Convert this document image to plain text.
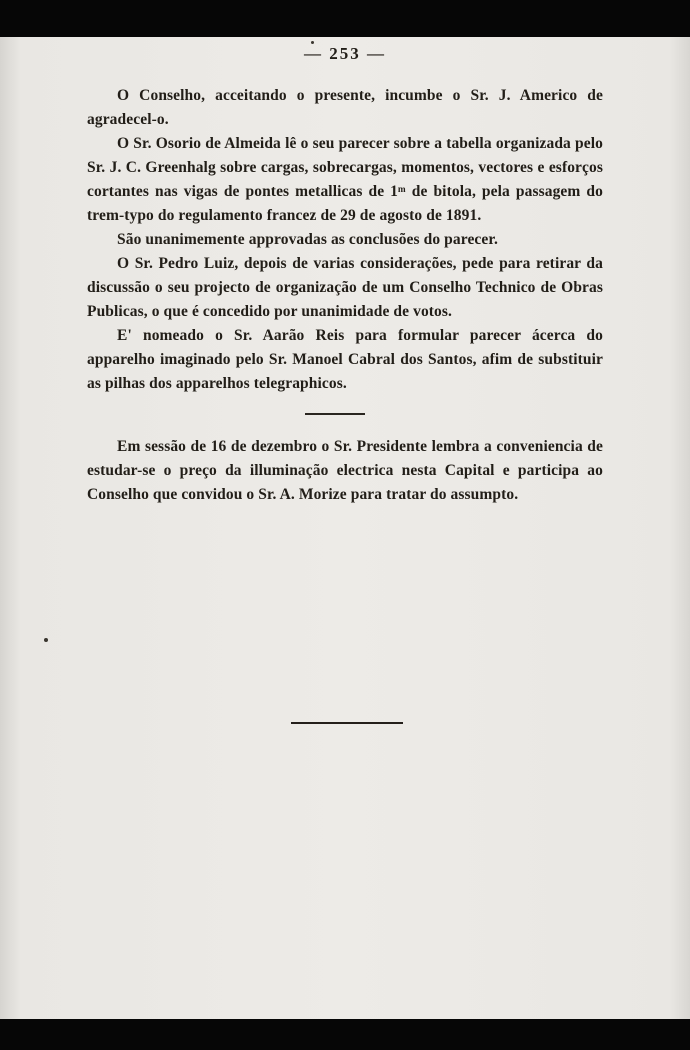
— 253 —

O Conselho, acceitando o presente, incumbe o Sr. J. Americo de agradecel-o.

O Sr. Osorio de Almeida lê o seu parecer sobre a tabella organizada pelo Sr. J. C. Greenhalg sobre cargas, sobrecargas, momentos, vectores e esforços cortantes nas vigas de pontes metallicas de 1ᵐ de bitola, pela passagem do trem-typo do regulamento francez de 29 de agosto de 1891.

São unanimemente approvadas as conclusões do parecer.

O Sr. Pedro Luiz, depois de varias considerações, pede para retirar da discussão o seu projecto de organização de um Conselho Technico de Obras Publicas, o que é concedido por unanimidade de votos.

E' nomeado o Sr. Aarão Reis para formular parecer ácerca do apparelho imaginado pelo Sr. Manoel Cabral dos Santos, afim de substituir as pilhas dos apparelhos telegraphicos.

Em sessão de 16 de dezembro o Sr. Presidente lembra a conveniencia de estudar-se o preço da illuminação electrica nesta Capital e participa ao Conselho que convidou o Sr. A. Morize para tratar do assumpto.
